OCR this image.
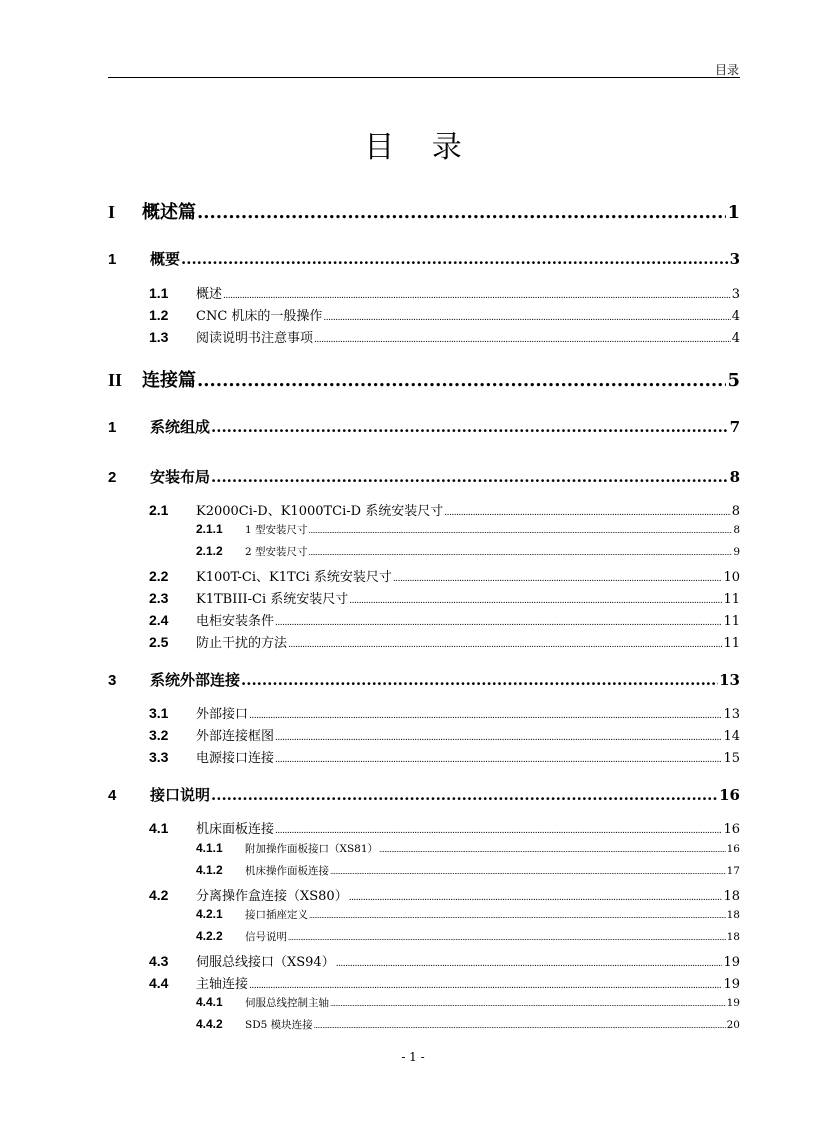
目录
目 录
I	概述篇 .....	1
1	概要 .....	3
1.1	概述 .....	3
1.2	CNC 机床的一般操作 .....	4
1.3	阅读说明书注意事项 .....	4
II	连接篇 .....	5
1	系统组成 .....	7
2	安装布局 .....	8
2.1	K2000Ci-D、K1000TCi-D 系统安装尺寸 .....	8
2.1.1	1 型安装尺寸 .....	8
2.1.2	2 型安装尺寸 .....	9
2.2	K100T-Ci、K1TCi 系统安装尺寸 .....	10
2.3	K1TBIII-Ci 系统安装尺寸 .....	11
2.4	电柜安装条件 .....	11
2.5	防止干扰的方法 .....	11
3	系统外部连接 .....	13
3.1	外部接口 .....	13
3.2	外部连接框图 .....	14
3.3	电源接口连接 .....	15
4	接口说明 .....	16
4.1	机床面板连接 .....	16
4.1.1	附加操作面板接口（XS81） .....	16
4.1.2	机床操作面板连接 .....	17
4.2	分离操作盒连接（XS80） .....	18
4.2.1	接口插座定义 .....	18
4.2.2	信号说明 .....	18
4.3	伺服总线接口（XS94） .....	19
4.4	主轴连接 .....	19
4.4.1	伺服总线控制主轴 .....	19
4.4.2	SD5 模块连接 .....	20
- 1 -
